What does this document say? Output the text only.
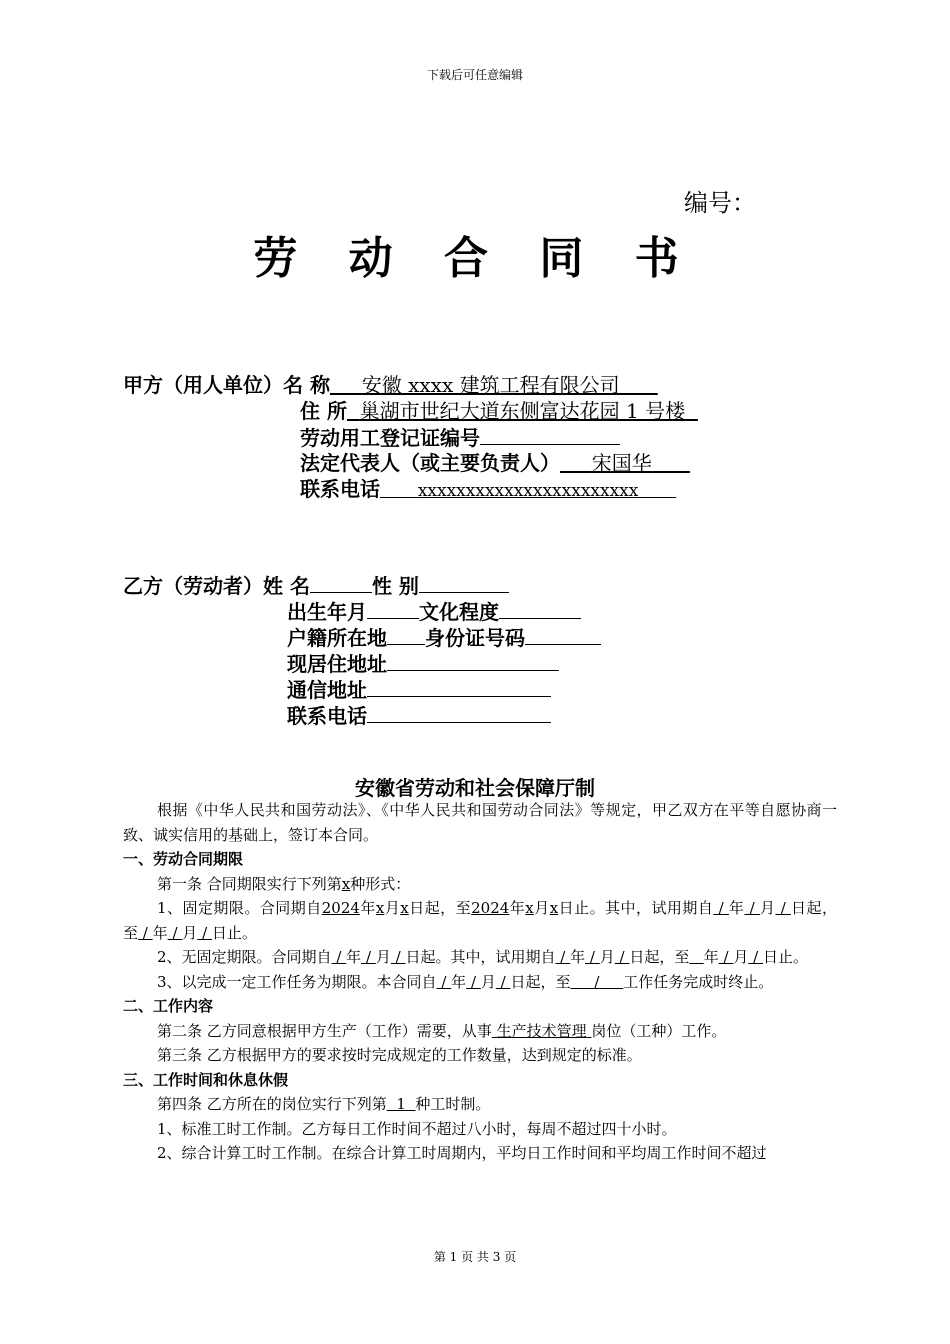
下载后可任意编辑
编号：
劳 动 合 同 书
甲方（用人单位）名 称 安徽 xxxx 建筑工程有限公司
住 所 巢湖市世纪大道东侧富达花园 1 号楼
劳动用工登记证编号
法定代表人（或主要负责人） 宋国华
联系电话 xxxxxxxxxxxxxxxxxxxxxxx
乙方（劳动者）姓 名	性 别
出生年月	文化程度
户籍所在地 身份证号码
现居住地址
通信地址
联系电话
安徽省劳动和社会保障厅制

根据《中华人民共和国劳动法》、《中华人民共和国劳动合同法》等规定，甲乙双方在平等自愿协商一致、诚实信用的基础上，签订本合同。

一、劳动合同期限

第一条 合同期限实行下列第x种形式：

1、固定期限。合同期自2024年x月x日起，至2024年x月x日止。其中，试用期自 / 年 / 月 / 日起，至 / 年 / 月 / 日止。

2、无固定期限。合同期自 / 年 / 月 / 日起。其中，试用期自 / 年 / 月 / 日起，至 年 / 月 / 日止。

3、以完成一定工作任务为期限。本合同自 / 年 / 月 / 日起，至 / 工作任务完成时终止。

二、工作内容

第二条 乙方同意根据甲方生产（工作）需要，从事 生产技术管理 岗位（工种）工作。

第三条 乙方根据甲方的要求按时完成规定的工作数量，达到规定的标准。

三、工作时间和休息休假

第四条 乙方所在的岗位实行下列第 1 种工时制。

1、标准工时工作制。乙方每日工作时间不超过八小时，每周不超过四十小时。

2、综合计算工时工作制。在综合计算工时周期内，平均日工作时间和平均周工作时间不超过

第 1 页 共 3 页
